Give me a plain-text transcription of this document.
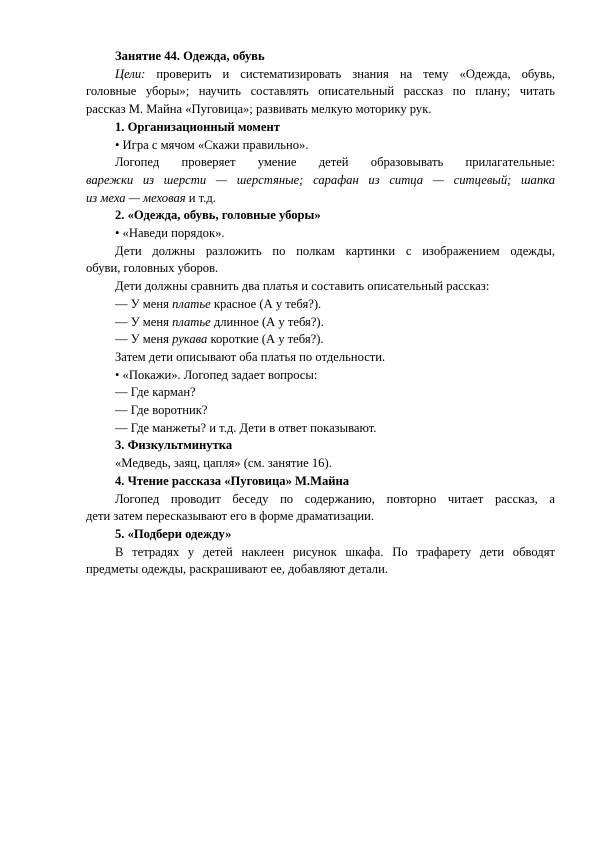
Занятие 44. Одежда, обувь

Цели: проверить и систематизировать знания на тему «Одежда, обувь,

головные уборы»; научить составлять описательный рассказ по плану; читать

рассказ М. Майна «Пуговица»; развивать мелкую моторику рук.

1. Организационный момент

• Игра с мячом «Скажи правильно».

Логопед проверяет умение детей образовывать прилагательные:

варежки из шерсти — шерстяные; сарафан из ситца — ситцевый; шапка

из меха — меховая и т.д.

2. «Одежда, обувь, головные уборы»

• «Наведи порядок».

Дети должны разложить по полкам картинки с изображением одежды,

обуви, головных уборов.

Дети должны сравнить два платья и составить описательный рассказ:

— У меня платье красное (А у тебя?).

— У меня платье длинное (А у тебя?).

— У меня рукава короткие (А у тебя?).

Затем дети описывают оба платья по отдельности.

• «Покажи». Логопед задает вопросы:

— Где карман?

— Где воротник?

— Где манжеты? и т.д. Дети в ответ показывают.

3. Физкультминутка

«Медведь, заяц, цапля» (см. занятие 16).

4. Чтение рассказа «Пуговица» М.Майна

Логопед проводит беседу по содержанию, повторно читает рассказ, а

дети затем пересказывают его в форме драматизации.

5. «Подбери одежду»

В тетрадях у детей наклеен рисунок шкафа. По трафарету дети обводят

предметы одежды, раскрашивают ее, добавляют детали.
